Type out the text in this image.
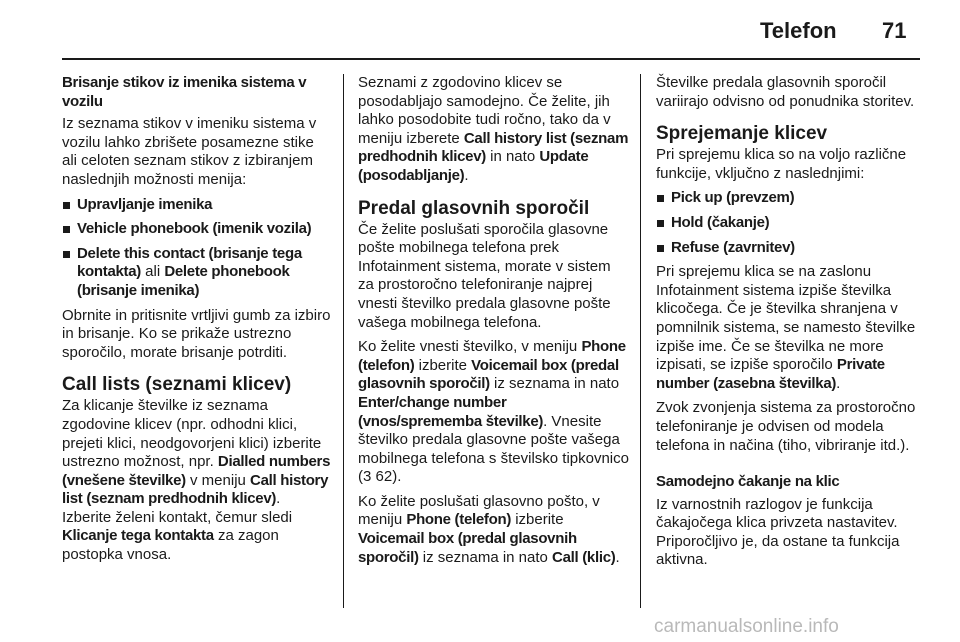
Telefon 71
Brisanje stikov iz imenika sistema v vozilu

Iz seznama stikov v imeniku sistema v vozilu lahko zbrišete posamezne stike ali celoten seznam stikov z izbiranjem naslednjih možnosti menija:

Upravljanje imenika
Vehicle phonebook (imenik vozila)
Delete this contact (brisanje tega kontakta) ali Delete phonebook (brisanje imenika)

Obrnite in pritisnite vrtljivi gumb za izbiro in brisanje. Ko se prikaže ustrezno sporočilo, morate brisanje potrditi.

Call lists (seznami klicev)

Za klicanje številke iz seznama zgodovine klicev (npr. odhodni klici, prejeti klici, neodgovorjeni klici) izberite ustrezno možnost, npr. Dialled numbers (vnešene številke) v meniju Call history list (seznam predhodnih klicev). Izberite želeni kontakt, čemur sledi Klicanje tega kontakta za zagon postopka vnosa.

Seznami z zgodovino klicev se posodabljajo samodejno. Če želite, jih lahko posodobite tudi ročno, tako da v meniju izberete Call history list (seznam predhodnih klicev) in nato Update (posodabljanje).

Predal glasovnih sporočil

Če želite poslušati sporočila glasovne pošte mobilnega telefona prek Infotainment sistema, morate v sistem za prostoročno telefoniranje najprej vnesti številko predala glasovne pošte vašega mobilnega telefona.

Ko želite vnesti številko, v meniju Phone (telefon) izberite Voicemail box (predal glasovnih sporočil) iz seznama in nato Enter/change number (vnos/sprememba številke). Vnesite številko predala glasovne pošte vašega mobilnega telefona s številsko tipkovnico (3 62).

Ko želite poslušati glasovno pošto, v meniju Phone (telefon) izberite Voicemail box (predal glasovnih sporočil) iz seznama in nato Call (klic).

Številke predala glasovnih sporočil variirajo odvisno od ponudnika storitev.

Sprejemanje klicev

Pri sprejemu klica so na voljo različne funkcije, vključno z naslednjimi:

Pick up (prevzem)
Hold (čakanje)
Refuse (zavrnitev)

Pri sprejemu klica se na zaslonu Infotainment sistema izpiše številka klicočega. Če je številka shranjena v pomnilnik sistema, se namesto številke izpiše ime. Če se številka ne more izpisati, se izpiše sporočilo Private number (zasebna številka).

Zvok zvonjenja sistema za prostoročno telefoniranje je odvisen od modela telefona in načina (tiho, vibriranje itd.).

Samodejno čakanje na klic

Iz varnostnih razlogov je funkcija čakajočega klica privzeta nastavitev. Priporočljivo je, da ostane ta funkcija aktivna.

carmanualsonline.info
